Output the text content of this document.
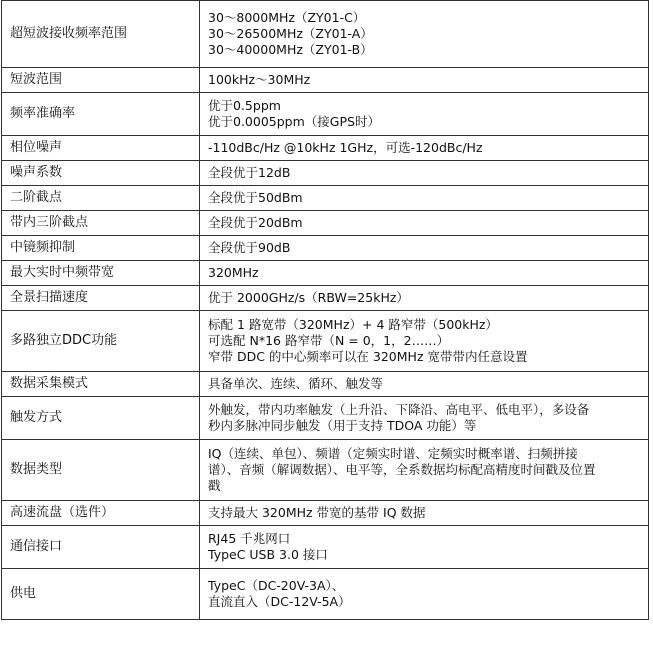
超短波接收频率范围	30～8000MHz（ZY01-C）
30～26500MHz（ZY01-A）
30～40000MHz（ZY01-B）

短波范围	100kHz～30MHz

频率准确率	优于0.5ppm
优于0.0005ppm（接GPS时）

相位噪声	-110dBc/Hz @10kHz 1GHz，可选-120dBc/Hz

噪声系数	全段优于12dB

二阶截点	全段优于50dBm

带内三阶截点	全段优于20dBm

中镜频抑制	全段优于90dB

最大实时中频带宽	320MHz

全景扫描速度	优于 2000GHz/s（RBW=25kHz）

多路独立DDC功能	标配 1 路宽带（320MHz）+ 4 路窄带（500kHz）
可选配 N*16 路窄带（N = 0，1，2……）
窄带 DDC 的中心频率可以在 320MHz 宽带带内任意设置

数据采集模式	具备单次、连续、循环、触发等

触发方式	外触发，带内功率触发（上升沿、下降沿、高电平、低电平），多设备
秒内多脉冲同步触发（用于支持 TDOA 功能）等

数据类型	IQ（连续、单包）、频谱（定频实时谱、定频实时概率谱、扫频拼接
谱）、音频（解调数据）、电平等，全系数据均标配高精度时间戳及位置
戳

高速流盘（选件）	支持最大 320MHz 带宽的基带 IQ 数据

通信接口	RJ45 千兆网口
TypeC USB 3.0 接口

供电	TypeC（DC-20V-3A）、
直流直入（DC-12V-5A）
